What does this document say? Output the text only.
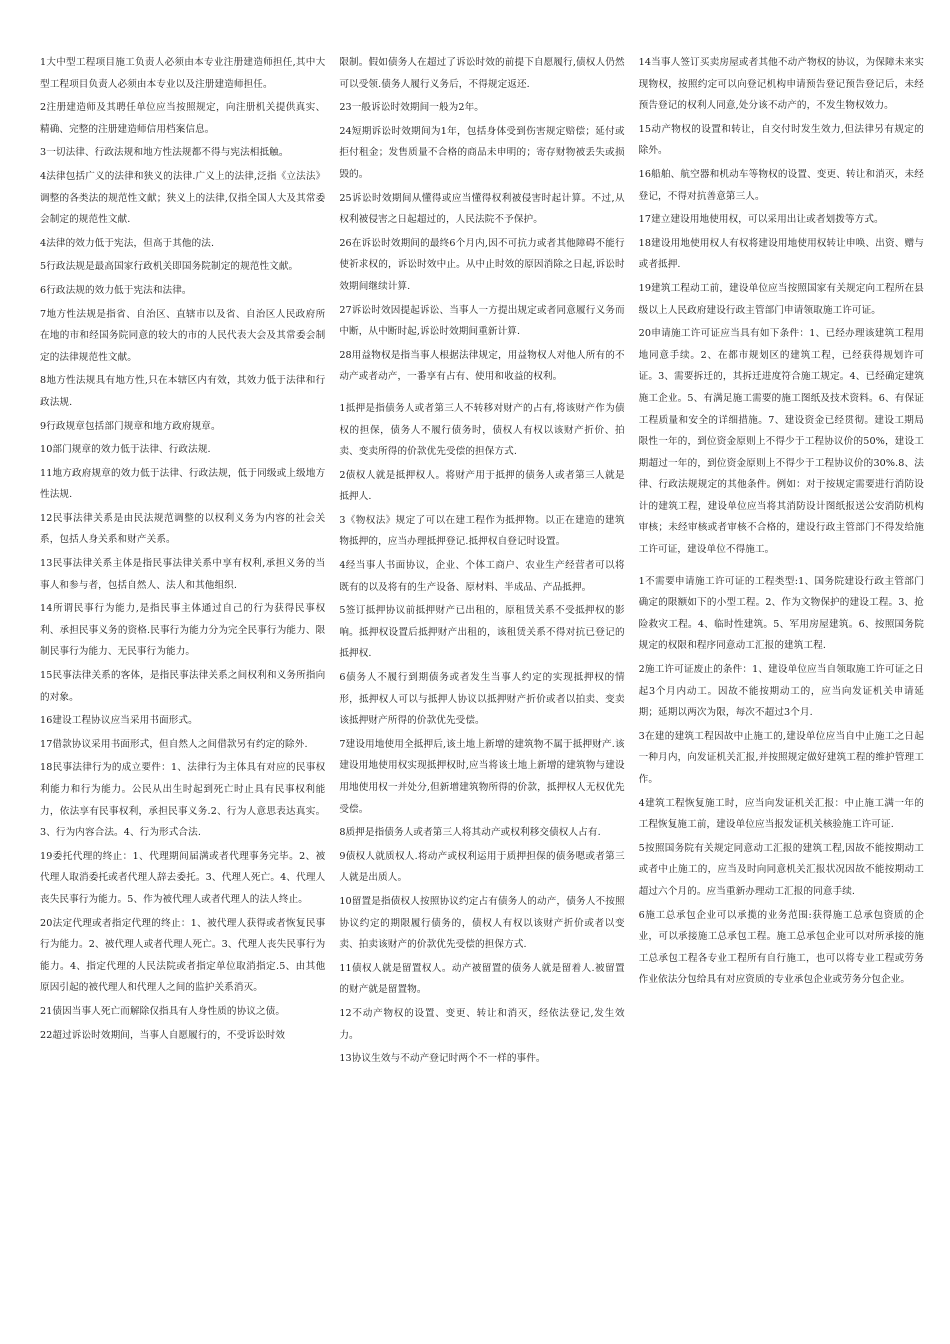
1大中型工程项目施工负责人必须由本专业注册建造师担任,其中大型工程项目负责人必须由本专业以及注册建造师担任。

2注册建造师及其聘任单位应当按照规定，向注册机关提供真实、精确、完整的注册建造师信用档案信息。

3一切法律、行政法规和地方性法规都不得与宪法相抵触。

4法律包括广义的法律和狭义的法律.广义上的法律,泛指《立法法》调整的各类法的规范性文献；狭义上的法律,仅指全国人大及其常委会制定的规范性文献.

4法律的效力低于宪法，但高于其他的法.

5行政法规是最高国家行政机关即国务院制定的规范性文献。

6行政法规的效力低于宪法和法律。

7地方性法规是指省、自治区、直辖市以及省、自治区人民政府所在地的市和经国务院同意的较大的市的人民代表大会及其常委会制定的法律规范性文献。

8地方性法规具有地方性,只在本辖区内有效，其效力低于法律和行政法规.

9行政规章包括部门规章和地方政府规章。

10部门规章的效力低于法律、行政法规.

11地方政府规章的效力低于法律、行政法规，低于同级或上级地方性法规.

12民事法律关系是由民法规范调整的以权利义务为内容的社会关系，包括人身关系和财产关系。

13民事法律关系主体是指民事法律关系中享有权利,承担义务的当事人和参与者，包括自然人、法人和其他组织.

14所谓民事行为能力,是指民事主体通过自己的行为获得民事权利、承担民事义务的资格.民事行为能力分为完全民事行为能力、限制民事行为能力、无民事行为能力。

15民事法律关系的客体，是指民事法律关系之间权利和义务所指向的对象。

16建设工程协议应当采用书面形式。

17借款协议采用书面形式，但自然人之间借款另有约定的除外.

18民事法律行为的成立要件：1、法律行为主体具有对应的民事权利能力和行为能力。公民从出生时起到死亡时止具有民事权利能力，依法享有民事权利，承担民事义务.2、行为人意思表达真实。3、行为内容合法。4、行为形式合法.

19委托代理的终止：1、代理期间届满或者代理事务完毕。2、被代理人取消委托或者代理人辞去委托。3、代理人死亡。4、代理人丧失民事行为能力。5、作为被代理人或者代理人的法人终止。

20法定代理或者指定代理的终止：1、被代理人获得或者恢复民事行为能力。2、被代理人或者代理人死亡。3、代理人丧失民事行为能力。4、指定代理的人民法院或者指定单位取消指定.5、由其他原因引起的被代理人和代理人之间的监护关系消灭。

21债因当事人死亡而解除仅指具有人身性质的协议之债。

22超过诉讼时效期间，当事人自愿履行的，不受诉讼时效

限制。假如债务人在超过了诉讼时效的前提下自愿履行,债权人仍然可以受领.债务人履行义务后，不得规定返还.

23一般诉讼时效期间一般为2年。

24短期诉讼时效期间为1年，包括身体受到伤害规定赔偿；延付或拒付租金；发售质量不合格的商品未申明的；寄存财物被丢失或损毁的。

25诉讼时效期间从懂得或应当懂得权利被侵害时起计算。不过,从权利被侵害之日起超过的，人民法院不予保护。

26在诉讼时效期间的最终6个月内,因不可抗力或者其他障碍不能行使祈求权的，诉讼时效中止。从中止时效的原因消除之日起,诉讼时效期间继续计算.

27诉讼时效因提起诉讼、当事人一方提出规定或者同意履行义务而中断，从中断时起,诉讼时效期间重新计算.

28用益物权是指当事人根据法律规定，用益物权人对他人所有的不动产或者动产，一番享有占有、使用和收益的权利。

1抵押是指债务人或者第三人不转移对财产的占有,将该财产作为债权的担保，债务人不履行债务时，债权人有权以该财产折价、拍卖、变卖所得的价款优先受偿的担保方式.

2债权人就是抵押权人。将财产用于抵押的债务人或者第三人就是抵押人.

3《物权法》规定了可以在建工程作为抵押物。以正在建造的建筑物抵押的，应当办理抵押登记.抵押权自登记时设置。

4经当事人书面协议，企业、个体工商户、农业生产经营者可以将既有的以及将有的生产设备、原材料、半成品、产品抵押。

5签订抵押协议前抵押财产已出租的，原租赁关系不受抵押权的影响。抵押权设置后抵押财产出租的，该租赁关系不得对抗已登记的抵押权.

6债务人不履行到期债务或者发生当事人约定的实现抵押权的情形，抵押权人可以与抵押人协议以抵押财产折价或者以拍卖、变卖该抵押财产所得的价款优先受偿。

7建设用地使用全抵押后,该土地上新增的建筑物不属于抵押财产.该建设用地使用权实现抵押权时,应当将该土地上新增的建筑物与建设用地使用权一并处分,但新增建筑物所得的价款，抵押权人无权优先受偿。

8质押是指债务人或者第三人将其动产或权利移交债权人占有.

9债权人就质权人.将动产或权利运用于质押担保的债务嗯或者第三人就是出质人。

10留置是指债权人按照协议约定占有债务人的动产，债务人不按照协议约定的期限履行债务的，债权人有权以该财产折价或者以变卖、拍卖该财产的价款优先受偿的担保方式.

11债权人就是留置权人。动产被留置的债务人就是留着人.被留置的财产就是留置物。

12不动产物权的设置、变更、转让和消灭，经依法登记,发生效力。

13协议生效与不动产登记时两个不一样的事件。

14当事人签订买卖房屋或者其他不动产物权的协议，为保障未来实现物权，按照约定可以向登记机构申请预告登记预告登记后，未经预告登记的权利人同意,处分该不动产的，不发生物权效力。

15动产物权的设置和转让，自交付时发生效力,但法律另有规定的除外。

16船舶、航空器和机动车等物权的设置、变更、转让和消灭，未经登记，不得对抗善意第三人。

17建立建设用地使用权，可以采用出让或者划拨等方式。

18建设用地使用权人有权将建设用地使用权转让申唤、出资、赠与或者抵押.

19建筑工程动工前，建设单位应当按照国家有关规定向工程所在县级以上人民政府建设行政主管部门申请领取施工许可证。

20申请施工许可证应当具有如下条件：1、已经办理该建筑工程用地同意手续。2、在都市规划区的建筑工程，已经获得规划许可证。3、需要拆迁的，其拆迁进度符合施工规定。4、已经确定建筑施工企业。5、有满足施工需要的施工图纸及技术资料。6、有保证工程质量和安全的详细措施。7、建设资金已经贯彻。建设工期局限性一年的，到位资金原则上不得少于工程协议价的50%，建设工期超过一年的，到位资金原则上不得少于工程协议价的30%.8、法律、行政法规规定的其他条件。例如：对于按规定需要进行消防设计的建筑工程，建设单位应当将其消防设计图纸报送公安消防机构审核；未经审核或者审核不合格的，建设行政主管部门不得发给施工许可证，建设单位不得施工。

1不需要申请施工许可证的工程类型:1、国务院建设行政主管部门确定的限额如下的小型工程。2、作为文物保护的建设工程。3、抢险救灾工程。4、临时性建筑。5、军用房屋建筑。6、按照国务院规定的权限和程序同意动工汇报的建筑工程.

2施工许可证废止的条件：1、建设单位应当自领取施工许可证之日起3个月内动工。因故不能按期动工的，应当向发证机关申请延期；延期以两次为限，每次不超过3个月.

3在建的建筑工程因故中止施工的,建设单位应当自中止施工之日起一种月内，向发证机关汇报,并按照规定做好建筑工程的维护管理工作。

4建筑工程恢复施工时，应当向发证机关汇报：中止施工满一年的工程恢复施工前，建设单位应当报发证机关核验施工许可证.

5按照国务院有关规定同意动工汇报的建筑工程,因故不能按期动工或者中止施工的，应当及时向同意机关汇报状况因故不能按期动工超过六个月的。应当重新办理动工汇报的同意手续.

6施工总承包企业可以承揽的业务范围:获得施工总承包资质的企业，可以承接施工总承包工程。施工总承包企业可以对所承接的施工总承包工程各专业工程所有自行施工，也可以将专业工程或劳务作业依法分包给具有对应资质的专业承包企业或劳务分包企业。
